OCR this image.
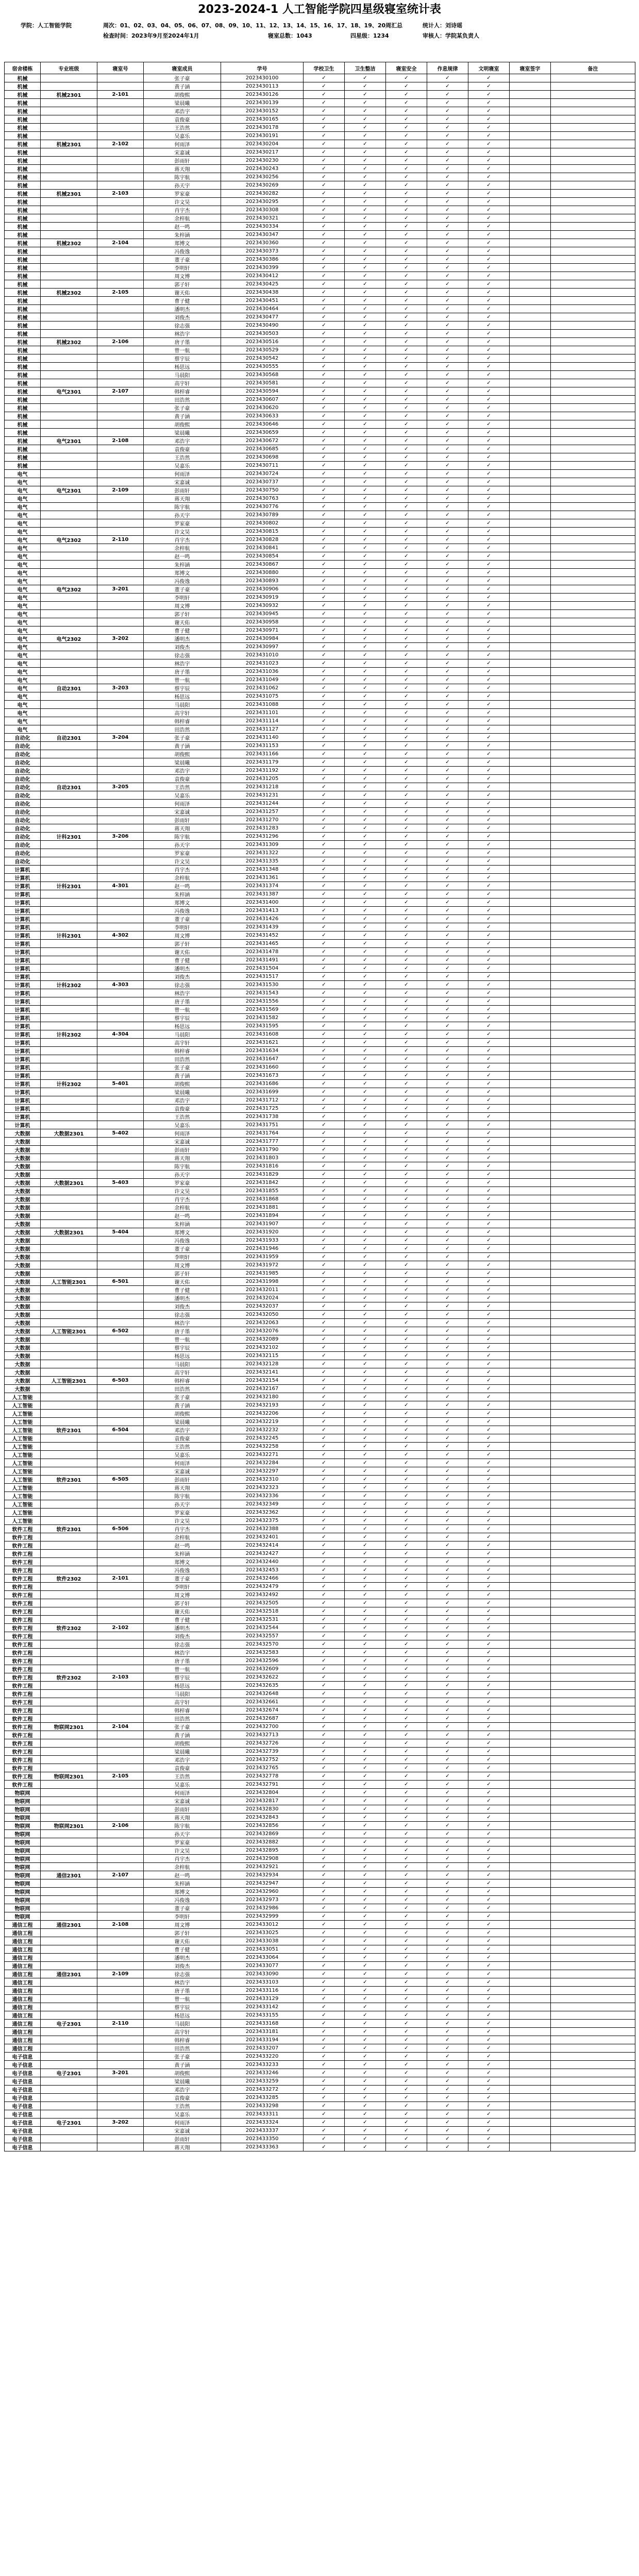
2023-2024-1 人工智能学院四星级寝室统计表
学院：人工智能学院	周次：01、02、03、04、05、06、07、08、09、10、11、12、13、14、15、16、17、18、19、20周汇总	统计人：刘诗瑶
检查时间：2023年9月至2024年1月	寝室总数：1043	四星级：1234	审核人：学院某负责人
宿舍楼栋	专业班级	寝室号	寝室成员	学号	学校卫生	卫生整洁	寝室安全	作息规律	文明寝室	寝室签字	备注
机械			张子豪	2023430100	✓	✓	✓	✓	✓		
机械			黄子涵	2023430113	✓	✓	✓	✓	✓		
机械	机械2301	2-101	胡俊熙	2023430126	✓	✓	✓	✓	✓		
机械			梁晨曦	2023430139	✓	✓	✓	✓	✓		
机械			邓浩宇	2023430152	✓	✓	✓	✓	✓		
机械			袁俊豪	2023430165	✓	✓	✓	✓	✓		
机械			王浩然	2023430178	✓	✓	✓	✓	✓		
机械			吴嘉乐	2023430191	✓	✓	✓	✓	✓		
机械	机械2301	2-102	何雨泽	2023430204	✓	✓	✓	✓	✓		
机械			宋嘉诚	2023430217	✓	✓	✓	✓	✓		
机械			彭雨轩	2023430230	✓	✓	✓	✓	✓		
机械			蒋天翔	2023430243	✓	✓	✓	✓	✓		
机械			陈宇航	2023430256	✓	✓	✓	✓	✓		
机械			孙天宇	2023430269	✓	✓	✓	✓	✓		
机械	机械2301	2-103	罗家豪	2023430282	✓	✓	✓	✓	✓		
机械			许文昊	2023430295	✓	✓	✓	✓	✓		
机械			肖宇杰	2023430308	✓	✓	✓	✓	✓		
机械			余梓航	2023430321	✓	✓	✓	✓	✓		
机械			赵一鸣	2023430334	✓	✓	✓	✓	✓		
机械			朱梓涵	2023430347	✓	✓	✓	✓	✓		
机械	机械2302	2-104	郑博文	2023430360	✓	✓	✓	✓	✓		
机械			冯俊逸	2023430373	✓	✓	✓	✓	✓		
机械			董子豪	2023430386	✓	✓	✓	✓	✓		
机械			李明轩	2023430399	✓	✓	✓	✓	✓		
机械			周文博	2023430412	✓	✓	✓	✓	✓		
机械			郭子轩	2023430425	✓	✓	✓	✓	✓		
机械	机械2302	2-105	谢天佑	2023430438	✓	✓	✓	✓	✓		
机械			曹子健	2023430451	✓	✓	✓	✓	✓		
机械			潘明杰	2023430464	✓	✓	✓	✓	✓		
机械			刘俊杰	2023430477	✓	✓	✓	✓	✓		
机械			徐志强	2023430490	✓	✓	✓	✓	✓		
机械			林浩宇	2023430503	✓	✓	✓	✓	✓		
机械	机械2302	2-106	唐子墨	2023430516	✓	✓	✓	✓	✓		
机械			曾一航	2023430529	✓	✓	✓	✓	✓		
机械			蔡宇辰	2023430542	✓	✓	✓	✓	✓		
机械			杨思远	2023430555	✓	✓	✓	✓	✓		
机械			马晨阳	2023430568	✓	✓	✓	✓	✓		
机械			高宇轩	2023430581	✓	✓	✓	✓	✓		
机械	电气2301	2-107	韩梓睿	2023430594	✓	✓	✓	✓	✓		
机械			田浩然	2023430607	✓	✓	✓	✓	✓		
机械			张子豪	2023430620	✓	✓	✓	✓	✓		
机械			黄子涵	2023430633	✓	✓	✓	✓	✓		
机械			胡俊熙	2023430646	✓	✓	✓	✓	✓		
机械			梁晨曦	2023430659	✓	✓	✓	✓	✓		
机械	电气2301	2-108	邓浩宇	2023430672	✓	✓	✓	✓	✓		
机械			袁俊豪	2023430685	✓	✓	✓	✓	✓		
机械			王浩然	2023430698	✓	✓	✓	✓	✓		
机械			吴嘉乐	2023430711	✓	✓	✓	✓	✓		
电气			何雨泽	2023430724	✓	✓	✓	✓	✓		
电气			宋嘉诚	2023430737	✓	✓	✓	✓	✓		
电气	电气2301	2-109	彭雨轩	2023430750	✓	✓	✓	✓	✓		
电气			蒋天翔	2023430763	✓	✓	✓	✓	✓		
电气			陈宇航	2023430776	✓	✓	✓	✓	✓		
电气			孙天宇	2023430789	✓	✓	✓	✓	✓		
电气			罗家豪	2023430802	✓	✓	✓	✓	✓		
电气			许文昊	2023430815	✓	✓	✓	✓	✓		
电气	电气2302	2-110	肖宇杰	2023430828	✓	✓	✓	✓	✓		
电气			余梓航	2023430841	✓	✓	✓	✓	✓		
电气			赵一鸣	2023430854	✓	✓	✓	✓	✓		
电气			朱梓涵	2023430867	✓	✓	✓	✓	✓		
电气			郑博文	2023430880	✓	✓	✓	✓	✓		
电气			冯俊逸	2023430893	✓	✓	✓	✓	✓		
电气	电气2302	3-201	董子豪	2023430906	✓	✓	✓	✓	✓		
电气			李明轩	2023430919	✓	✓	✓	✓	✓		
电气			周文博	2023430932	✓	✓	✓	✓	✓		
电气			郭子轩	2023430945	✓	✓	✓	✓	✓		
电气			谢天佑	2023430958	✓	✓	✓	✓	✓		
电气			曹子健	2023430971	✓	✓	✓	✓	✓		
电气	电气2302	3-202	潘明杰	2023430984	✓	✓	✓	✓	✓		
电气			刘俊杰	2023430997	✓	✓	✓	✓	✓		
电气			徐志强	2023431010	✓	✓	✓	✓	✓		
电气			林浩宇	2023431023	✓	✓	✓	✓	✓		
电气			唐子墨	2023431036	✓	✓	✓	✓	✓		
电气			曾一航	2023431049	✓	✓	✓	✓	✓		
电气	自动2301	3-203	蔡宇辰	2023431062	✓	✓	✓	✓	✓		
电气			杨思远	2023431075	✓	✓	✓	✓	✓		
电气			马晨阳	2023431088	✓	✓	✓	✓	✓		
电气			高宇轩	2023431101	✓	✓	✓	✓	✓		
电气			韩梓睿	2023431114	✓	✓	✓	✓	✓		
电气			田浩然	2023431127	✓	✓	✓	✓	✓		
自动化	自动2301	3-204	张子豪	2023431140	✓	✓	✓	✓	✓		
自动化			黄子涵	2023431153	✓	✓	✓	✓	✓		
自动化			胡俊熙	2023431166	✓	✓	✓	✓	✓		
自动化			梁晨曦	2023431179	✓	✓	✓	✓	✓		
自动化			邓浩宇	2023431192	✓	✓	✓	✓	✓		
自动化			袁俊豪	2023431205	✓	✓	✓	✓	✓		
自动化	自动2301	3-205	王浩然	2023431218	✓	✓	✓	✓	✓		
自动化			吴嘉乐	2023431231	✓	✓	✓	✓	✓		
自动化			何雨泽	2023431244	✓	✓	✓	✓	✓		
自动化			宋嘉诚	2023431257	✓	✓	✓	✓	✓		
自动化			彭雨轩	2023431270	✓	✓	✓	✓	✓		
自动化			蒋天翔	2023431283	✓	✓	✓	✓	✓		
自动化	计科2301	3-206	陈宇航	2023431296	✓	✓	✓	✓	✓		
自动化			孙天宇	2023431309	✓	✓	✓	✓	✓		
自动化			罗家豪	2023431322	✓	✓	✓	✓	✓		
自动化			许文昊	2023431335	✓	✓	✓	✓	✓		
计算机			肖宇杰	2023431348	✓	✓	✓	✓	✓		
计算机			余梓航	2023431361	✓	✓	✓	✓	✓		
计算机	计科2301	4-301	赵一鸣	2023431374	✓	✓	✓	✓	✓		
计算机			朱梓涵	2023431387	✓	✓	✓	✓	✓		
计算机			郑博文	2023431400	✓	✓	✓	✓	✓		
计算机			冯俊逸	2023431413	✓	✓	✓	✓	✓		
计算机			董子豪	2023431426	✓	✓	✓	✓	✓		
计算机			李明轩	2023431439	✓	✓	✓	✓	✓		
计算机	计科2301	4-302	周文博	2023431452	✓	✓	✓	✓	✓		
计算机			郭子轩	2023431465	✓	✓	✓	✓	✓		
计算机			谢天佑	2023431478	✓	✓	✓	✓	✓		
计算机			曹子健	2023431491	✓	✓	✓	✓	✓		
计算机			潘明杰	2023431504	✓	✓	✓	✓	✓		
计算机			刘俊杰	2023431517	✓	✓	✓	✓	✓		
计算机	计科2302	4-303	徐志强	2023431530	✓	✓	✓	✓	✓		
计算机			林浩宇	2023431543	✓	✓	✓	✓	✓		
计算机			唐子墨	2023431556	✓	✓	✓	✓	✓		
计算机			曾一航	2023431569	✓	✓	✓	✓	✓		
计算机			蔡宇辰	2023431582	✓	✓	✓	✓	✓		
计算机			杨思远	2023431595	✓	✓	✓	✓	✓		
计算机	计科2302	4-304	马晨阳	2023431608	✓	✓	✓	✓	✓		
计算机			高宇轩	2023431621	✓	✓	✓	✓	✓		
计算机			韩梓睿	2023431634	✓	✓	✓	✓	✓		
计算机			田浩然	2023431647	✓	✓	✓	✓	✓		
计算机			张子豪	2023431660	✓	✓	✓	✓	✓		
计算机			黄子涵	2023431673	✓	✓	✓	✓	✓		
计算机	计科2302	5-401	胡俊熙	2023431686	✓	✓	✓	✓	✓		
计算机			梁晨曦	2023431699	✓	✓	✓	✓	✓		
计算机			邓浩宇	2023431712	✓	✓	✓	✓	✓		
计算机			袁俊豪	2023431725	✓	✓	✓	✓	✓		
计算机			王浩然	2023431738	✓	✓	✓	✓	✓		
计算机			吴嘉乐	2023431751	✓	✓	✓	✓	✓		
大数据	大数据2301	5-402	何雨泽	2023431764	✓	✓	✓	✓	✓		
大数据			宋嘉诚	2023431777	✓	✓	✓	✓	✓		
大数据			彭雨轩	2023431790	✓	✓	✓	✓	✓		
大数据			蒋天翔	2023431803	✓	✓	✓	✓	✓		
大数据			陈宇航	2023431816	✓	✓	✓	✓	✓		
大数据			孙天宇	2023431829	✓	✓	✓	✓	✓		
大数据	大数据2301	5-403	罗家豪	2023431842	✓	✓	✓	✓	✓		
大数据			许文昊	2023431855	✓	✓	✓	✓	✓		
大数据			肖宇杰	2023431868	✓	✓	✓	✓	✓		
大数据			余梓航	2023431881	✓	✓	✓	✓	✓		
大数据			赵一鸣	2023431894	✓	✓	✓	✓	✓		
大数据			朱梓涵	2023431907	✓	✓	✓	✓	✓		
大数据	大数据2301	5-404	郑博文	2023431920	✓	✓	✓	✓	✓		
大数据			冯俊逸	2023431933	✓	✓	✓	✓	✓		
大数据			董子豪	2023431946	✓	✓	✓	✓	✓		
大数据			李明轩	2023431959	✓	✓	✓	✓	✓		
大数据			周文博	2023431972	✓	✓	✓	✓	✓		
大数据			郭子轩	2023431985	✓	✓	✓	✓	✓		
大数据	人工智能2301	6-501	谢天佑	2023431998	✓	✓	✓	✓	✓		
大数据			曹子健	2023432011	✓	✓	✓	✓	✓		
大数据			潘明杰	2023432024	✓	✓	✓	✓	✓		
大数据			刘俊杰	2023432037	✓	✓	✓	✓	✓		
大数据			徐志强	2023432050	✓	✓	✓	✓	✓		
大数据			林浩宇	2023432063	✓	✓	✓	✓	✓		
大数据	人工智能2301	6-502	唐子墨	2023432076	✓	✓	✓	✓	✓		
大数据			曾一航	2023432089	✓	✓	✓	✓	✓		
大数据			蔡宇辰	2023432102	✓	✓	✓	✓	✓		
大数据			杨思远	2023432115	✓	✓	✓	✓	✓		
大数据			马晨阳	2023432128	✓	✓	✓	✓	✓		
大数据			高宇轩	2023432141	✓	✓	✓	✓	✓		
大数据	人工智能2301	6-503	韩梓睿	2023432154	✓	✓	✓	✓	✓		
大数据			田浩然	2023432167	✓	✓	✓	✓	✓		
人工智能			张子豪	2023432180	✓	✓	✓	✓	✓		
人工智能			黄子涵	2023432193	✓	✓	✓	✓	✓		
人工智能			胡俊熙	2023432206	✓	✓	✓	✓	✓		
人工智能			梁晨曦	2023432219	✓	✓	✓	✓	✓		
人工智能	软件2301	6-504	邓浩宇	2023432232	✓	✓	✓	✓	✓		
人工智能			袁俊豪	2023432245	✓	✓	✓	✓	✓		
人工智能			王浩然	2023432258	✓	✓	✓	✓	✓		
人工智能			吴嘉乐	2023432271	✓	✓	✓	✓	✓		
人工智能			何雨泽	2023432284	✓	✓	✓	✓	✓		
人工智能			宋嘉诚	2023432297	✓	✓	✓	✓	✓		
人工智能	软件2301	6-505	彭雨轩	2023432310	✓	✓	✓	✓	✓		
人工智能			蒋天翔	2023432323	✓	✓	✓	✓	✓		
人工智能			陈宇航	2023432336	✓	✓	✓	✓	✓		
人工智能			孙天宇	2023432349	✓	✓	✓	✓	✓		
人工智能			罗家豪	2023432362	✓	✓	✓	✓	✓		
人工智能			许文昊	2023432375	✓	✓	✓	✓	✓		
软件工程	软件2301	6-506	肖宇杰	2023432388	✓	✓	✓	✓	✓		
软件工程			余梓航	2023432401	✓	✓	✓	✓	✓		
软件工程			赵一鸣	2023432414	✓	✓	✓	✓	✓		
软件工程			朱梓涵	2023432427	✓	✓	✓	✓	✓		
软件工程			郑博文	2023432440	✓	✓	✓	✓	✓		
软件工程			冯俊逸	2023432453	✓	✓	✓	✓	✓		
软件工程	软件2302	2-101	董子豪	2023432466	✓	✓	✓	✓	✓		
软件工程			李明轩	2023432479	✓	✓	✓	✓	✓		
软件工程			周文博	2023432492	✓	✓	✓	✓	✓		
软件工程			郭子轩	2023432505	✓	✓	✓	✓	✓		
软件工程			谢天佑	2023432518	✓	✓	✓	✓	✓		
软件工程			曹子健	2023432531	✓	✓	✓	✓	✓		
软件工程	软件2302	2-102	潘明杰	2023432544	✓	✓	✓	✓	✓		
软件工程			刘俊杰	2023432557	✓	✓	✓	✓	✓		
软件工程			徐志强	2023432570	✓	✓	✓	✓	✓		
软件工程			林浩宇	2023432583	✓	✓	✓	✓	✓		
软件工程			唐子墨	2023432596	✓	✓	✓	✓	✓		
软件工程			曾一航	2023432609	✓	✓	✓	✓	✓		
软件工程	软件2302	2-103	蔡宇辰	2023432622	✓	✓	✓	✓	✓		
软件工程			杨思远	2023432635	✓	✓	✓	✓	✓		
软件工程			马晨阳	2023432648	✓	✓	✓	✓	✓		
软件工程			高宇轩	2023432661	✓	✓	✓	✓	✓		
软件工程			韩梓睿	2023432674	✓	✓	✓	✓	✓		
软件工程			田浩然	2023432687	✓	✓	✓	✓	✓		
软件工程	物联网2301	2-104	张子豪	2023432700	✓	✓	✓	✓	✓		
软件工程			黄子涵	2023432713	✓	✓	✓	✓	✓		
软件工程			胡俊熙	2023432726	✓	✓	✓	✓	✓		
软件工程			梁晨曦	2023432739	✓	✓	✓	✓	✓		
软件工程			邓浩宇	2023432752	✓	✓	✓	✓	✓		
软件工程			袁俊豪	2023432765	✓	✓	✓	✓	✓		
软件工程	物联网2301	2-105	王浩然	2023432778	✓	✓	✓	✓	✓		
软件工程			吴嘉乐	2023432791	✓	✓	✓	✓	✓		
物联网			何雨泽	2023432804	✓	✓	✓	✓	✓		
物联网			宋嘉诚	2023432817	✓	✓	✓	✓	✓		
物联网			彭雨轩	2023432830	✓	✓	✓	✓	✓		
物联网			蒋天翔	2023432843	✓	✓	✓	✓	✓		
物联网	物联网2301	2-106	陈宇航	2023432856	✓	✓	✓	✓	✓		
物联网			孙天宇	2023432869	✓	✓	✓	✓	✓		
物联网			罗家豪	2023432882	✓	✓	✓	✓	✓		
物联网			许文昊	2023432895	✓	✓	✓	✓	✓		
物联网			肖宇杰	2023432908	✓	✓	✓	✓	✓		
物联网			余梓航	2023432921	✓	✓	✓	✓	✓		
物联网	通信2301	2-107	赵一鸣	2023432934	✓	✓	✓	✓	✓		
物联网			朱梓涵	2023432947	✓	✓	✓	✓	✓		
物联网			郑博文	2023432960	✓	✓	✓	✓	✓		
物联网			冯俊逸	2023432973	✓	✓	✓	✓	✓		
物联网			董子豪	2023432986	✓	✓	✓	✓	✓		
物联网			李明轩	2023432999	✓	✓	✓	✓	✓		
通信工程	通信2301	2-108	周文博	2023433012	✓	✓	✓	✓	✓		
通信工程			郭子轩	2023433025	✓	✓	✓	✓	✓		
通信工程			谢天佑	2023433038	✓	✓	✓	✓	✓		
通信工程			曹子健	2023433051	✓	✓	✓	✓	✓		
通信工程			潘明杰	2023433064	✓	✓	✓	✓	✓		
通信工程			刘俊杰	2023433077	✓	✓	✓	✓	✓		
通信工程	通信2301	2-109	徐志强	2023433090	✓	✓	✓	✓	✓		
通信工程			林浩宇	2023433103	✓	✓	✓	✓	✓		
通信工程			唐子墨	2023433116	✓	✓	✓	✓	✓		
通信工程			曾一航	2023433129	✓	✓	✓	✓	✓		
通信工程			蔡宇辰	2023433142	✓	✓	✓	✓	✓		
通信工程			杨思远	2023433155	✓	✓	✓	✓	✓		
通信工程	电子2301	2-110	马晨阳	2023433168	✓	✓	✓	✓	✓		
通信工程			高宇轩	2023433181	✓	✓	✓	✓	✓		
通信工程			韩梓睿	2023433194	✓	✓	✓	✓	✓		
通信工程			田浩然	2023433207	✓	✓	✓	✓	✓		
电子信息			张子豪	2023433220	✓	✓	✓	✓	✓		
电子信息			黄子涵	2023433233	✓	✓	✓	✓	✓		
电子信息	电子2301	3-201	胡俊熙	2023433246	✓	✓	✓	✓	✓		
电子信息			梁晨曦	2023433259	✓	✓	✓	✓	✓		
电子信息			邓浩宇	2023433272	✓	✓	✓	✓	✓		
电子信息			袁俊豪	2023433285	✓	✓	✓	✓	✓		
电子信息			王浩然	2023433298	✓	✓	✓	✓	✓		
电子信息			吴嘉乐	2023433311	✓	✓	✓	✓	✓		
电子信息	电子2301	3-202	何雨泽	2023433324	✓	✓	✓	✓	✓		
电子信息			宋嘉诚	2023433337	✓	✓	✓	✓	✓		
电子信息			彭雨轩	2023433350	✓	✓	✓	✓	✓		
电子信息			蒋天翔	2023433363	✓	✓	✓	✓	✓		
